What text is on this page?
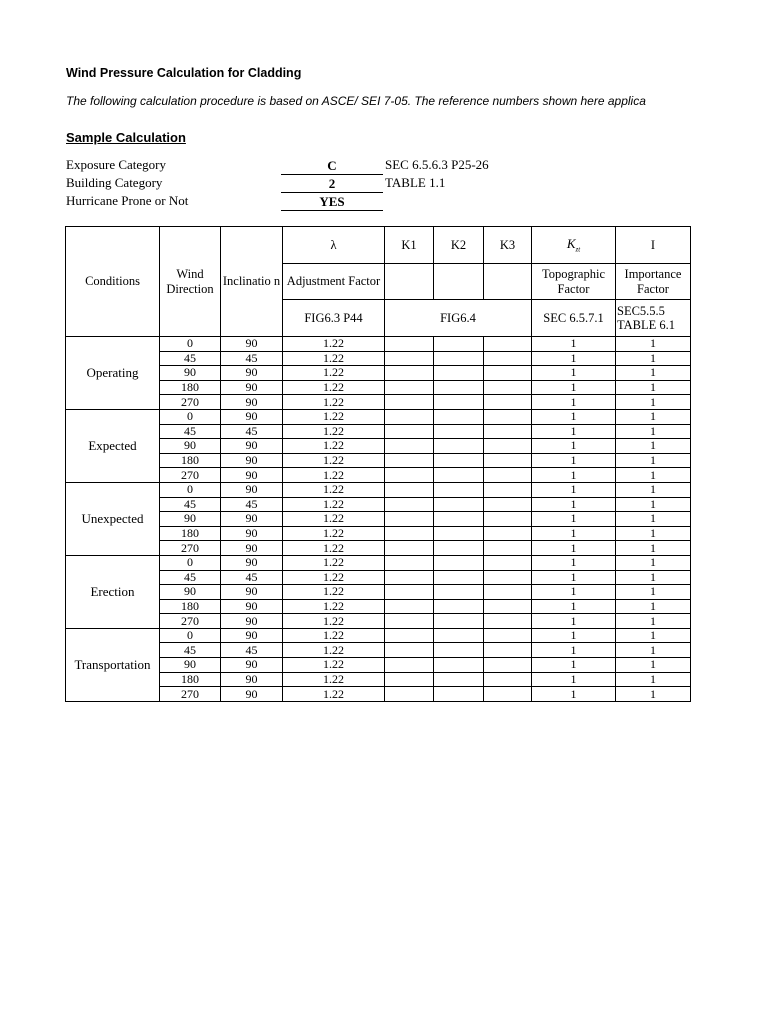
Wind Pressure Calculation for Cladding
The following calculation procedure is based on ASCE/ SEI 7-05. The reference numbers shown here applica
Sample Calculation
Exposure Category	C	SEC 6.5.6.3 P25-26
Building Category	2	TABLE 1.1
Hurricane Prone or Not	YES
Conditions	Wind Direction	Inclinatio n	λ	K1	K2	K3	$K_{zt}$	I
			Adjustment Factor				Topographic Factor	Importance Factor
			FIG6.3 P44	FIG6.4			SEC 6.5.7.1	SEC5.5.5
TABLE 6.1
Operating	0	90	1.22				1	1
	45	45	1.22				1	1
	90	90	1.22				1	1
	180	90	1.22				1	1
	270	90	1.22				1	1
Expected	0	90	1.22				1	1
	45	45	1.22				1	1
	90	90	1.22				1	1
	180	90	1.22				1	1
	270	90	1.22				1	1
Unexpected	0	90	1.22				1	1
	45	45	1.22				1	1
	90	90	1.22				1	1
	180	90	1.22				1	1
	270	90	1.22				1	1
Erection	0	90	1.22				1	1
	45	45	1.22				1	1
	90	90	1.22				1	1
	180	90	1.22				1	1
	270	90	1.22				1	1
Transportation	0	90	1.22				1	1
	45	45	1.22				1	1
	90	90	1.22				1	1
	180	90	1.22				1	1
	270	90	1.22				1	1
